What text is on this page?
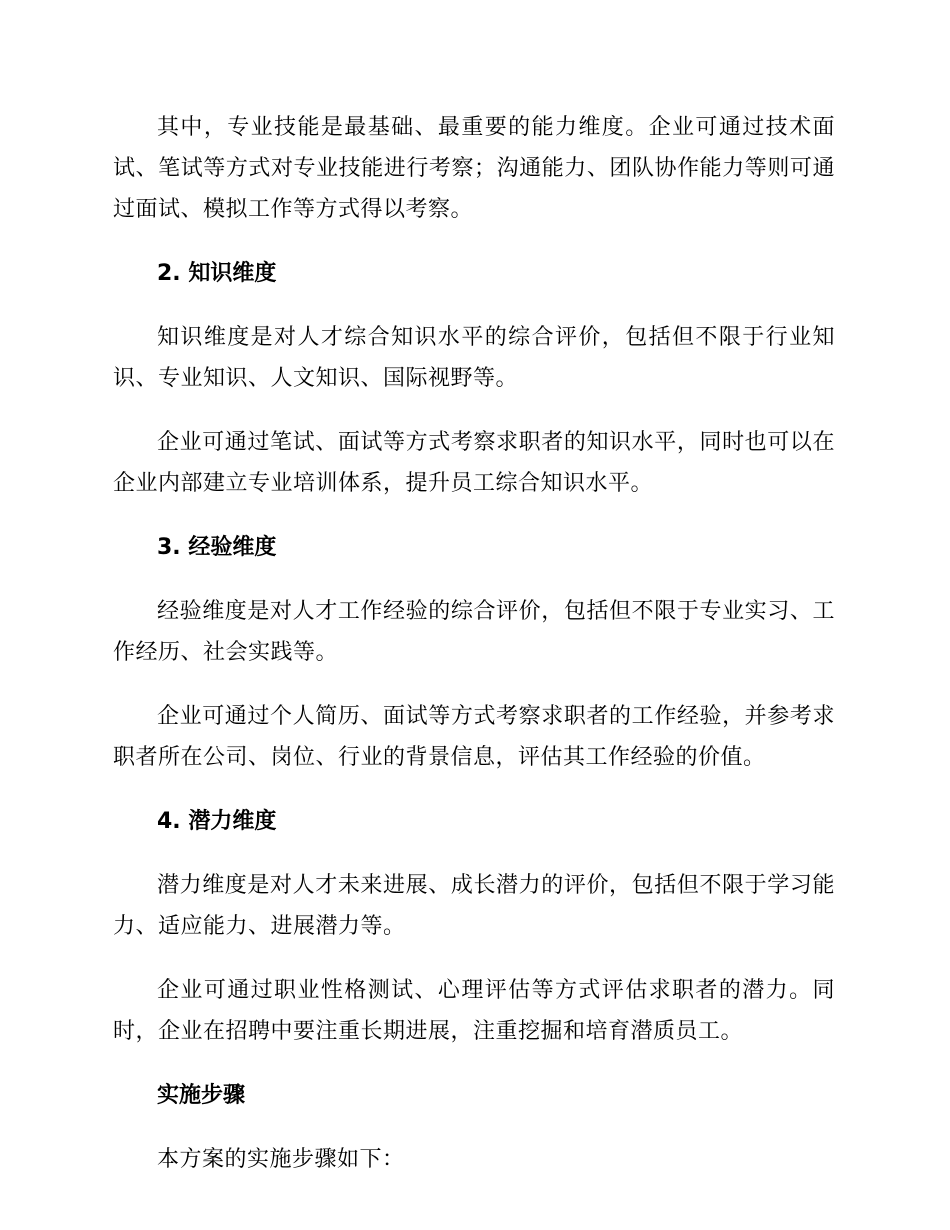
其中，专业技能是最基础、最重要的能力维度。企业可通过技术面试、笔试等方式对专业技能进行考察；沟通能力、团队协作能力等则可通过面试、模拟工作等方式得以考察。

2. 知识维度

知识维度是对人才综合知识水平的综合评价，包括但不限于行业知识、专业知识、人文知识、国际视野等。

企业可通过笔试、面试等方式考察求职者的知识水平，同时也可以在企业内部建立专业培训体系，提升员工综合知识水平。

3. 经验维度

经验维度是对人才工作经验的综合评价，包括但不限于专业实习、工作经历、社会实践等。

企业可通过个人简历、面试等方式考察求职者的工作经验，并参考求职者所在公司、岗位、行业的背景信息，评估其工作经验的价值。

4. 潜力维度

潜力维度是对人才未来进展、成长潜力的评价，包括但不限于学习能力、适应能力、进展潜力等。

企业可通过职业性格测试、心理评估等方式评估求职者的潜力。同时，企业在招聘中要注重长期进展，注重挖掘和培育潜质员工。

实施步骤

本方案的实施步骤如下：
